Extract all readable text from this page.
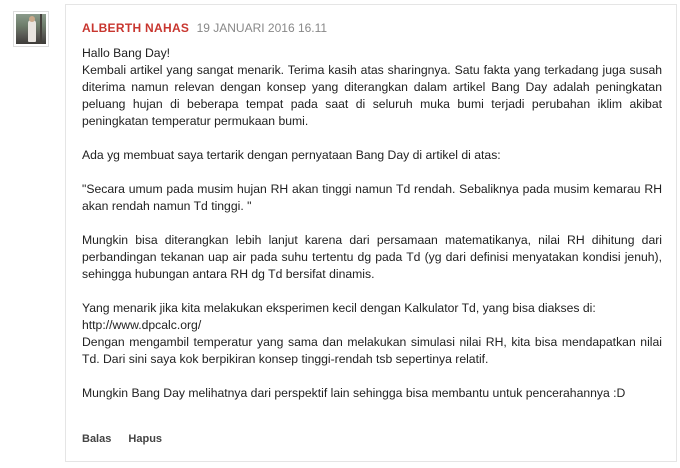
ALBERTH NAHAS 19 JANUARI 2016 16.11

Hallo Bang Day!

Kembali artikel yang sangat menarik. Terima kasih atas sharingnya. Satu fakta yang terkadang juga susah diterima namun relevan dengan konsep yang diterangkan dalam artikel Bang Day adalah peningkatan peluang hujan di beberapa tempat pada saat di seluruh muka bumi terjadi perubahan iklim akibat peningkatan temperatur permukaan bumi.

Ada yg membuat saya tertarik dengan pernyataan Bang Day di artikel di atas:

"Secara umum pada musim hujan RH akan tinggi namun Td rendah. Sebaliknya pada musim kemarau RH akan rendah namun Td tinggi. "

Mungkin bisa diterangkan lebih lanjut karena dari persamaan matematikanya, nilai RH dihitung dari perbandingan tekanan uap air pada suhu tertentu dg pada Td (yg dari definisi menyatakan kondisi jenuh), sehingga hubungan antara RH dg Td bersifat dinamis.

Yang menarik jika kita melakukan eksperimen kecil dengan Kalkulator Td, yang bisa diakses di:

http://www.dpcalc.org/

Dengan mengambil temperatur yang sama dan melakukan simulasi nilai RH, kita bisa mendapatkan nilai Td. Dari sini saya kok berpikiran konsep tinggi-rendah tsb sepertinya relatif.

Mungkin Bang Day melihatnya dari perspektif lain sehingga bisa membantu untuk pencerahannya :D

Balas Hapus
